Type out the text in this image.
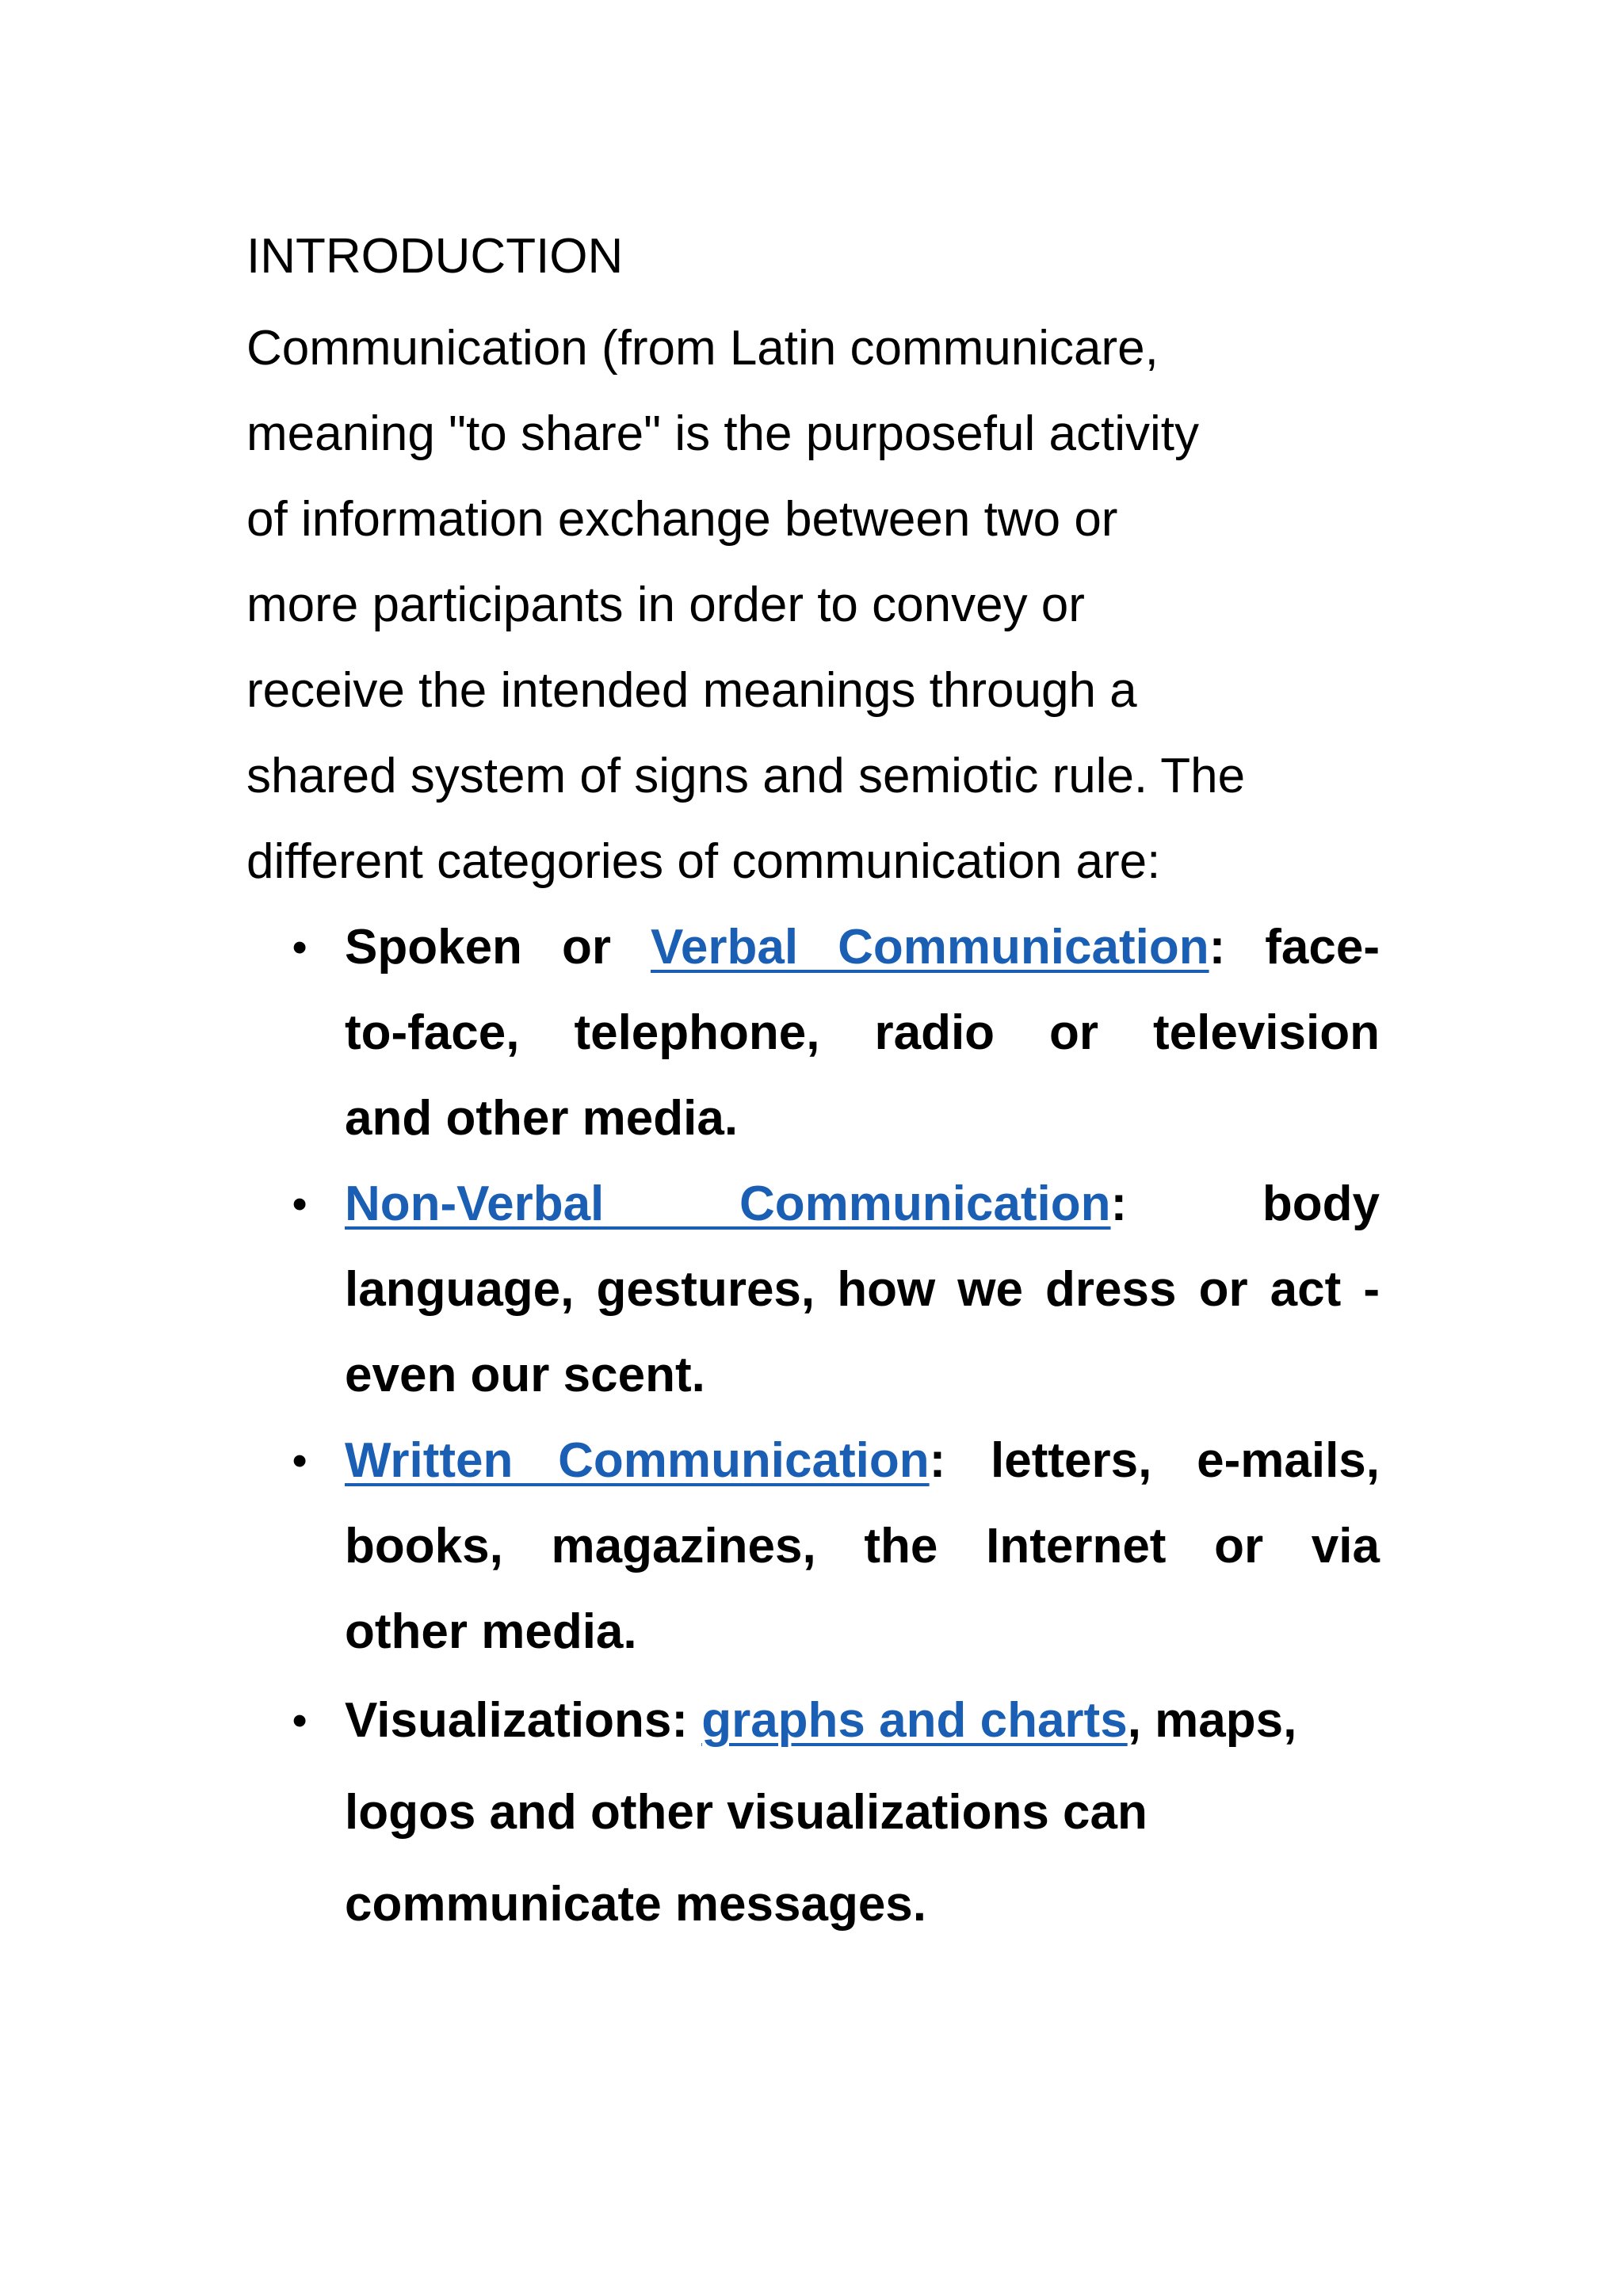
INTRODUCTION
Communication (from Latin communicare,
meaning "to share" is the purposeful activity
of information exchange between two or
more participants in order to convey or
receive the intended meanings through a
shared system of signs and semiotic rule. The
different categories of communication are:
• Spoken or Verbal Communication: face-
to-face, telephone, radio or television
and other media.
• Non-Verbal Communication: body
language, gestures, how we dress or act -
even our scent.
• Written Communication: letters, e-mails,
books, magazines, the Internet or via
other media.
• Visualizations: graphs and charts, maps,
logos and other visualizations can
communicate messages.
